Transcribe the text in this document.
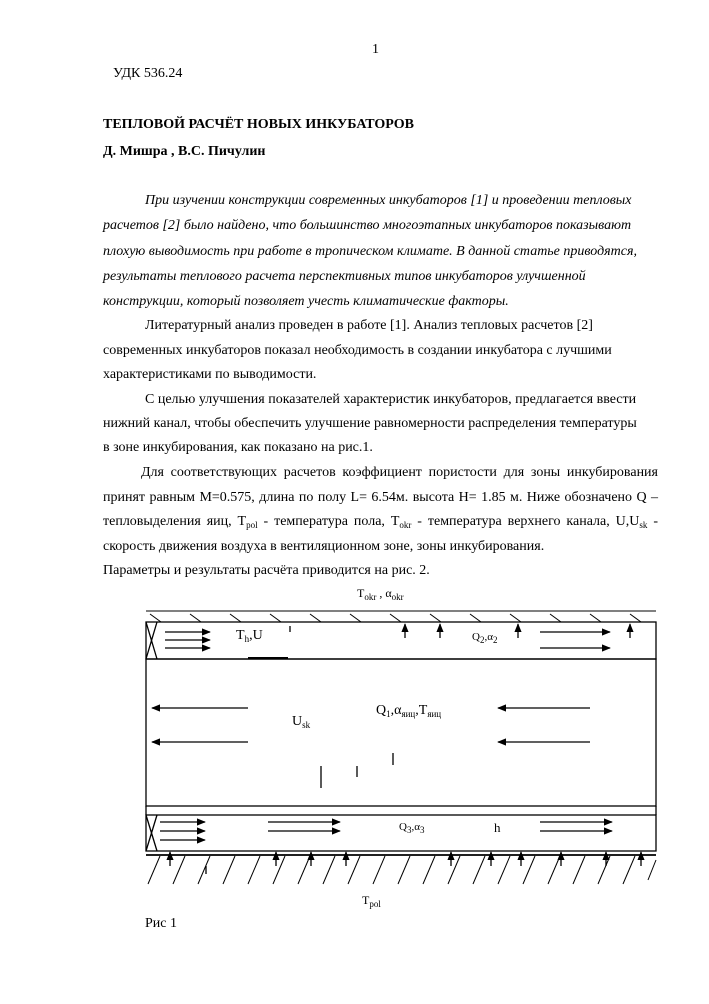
1
УДК 536.24
ТЕПЛОВОЙ РАСЧЁТ НОВЫХ ИНКУБАТОРОВ
Д. Мишра , В.С. Пичулин
При изучении конструкции современных инкубаторов [1] и проведении тепловых
расчетов [2] было найдено, что большинство многоэтапных инкубаторов показывают
плохую выводимость при работе в тропическом климате. В данной статье приводятся,
результаты теплового расчета перспективных типов инкубаторов улучшенной
конструкции, который позволяет учесть климатические факторы.
Литературный анализ проведен в работе [1]. Анализ тепловых расчетов [2]
современных инкубаторов показал необходимость в создании инкубатора с лучшими
характеристиками по выводимости.
С целью улучшения показателей характеристик инкубаторов, предлагается ввести
нижний канал, чтобы обеспечить улучшение равномерности распределения температуры
в зоне инкубирования, как показано на рис.1.
Для соответствующих расчетов коэффициент пористости для зоны инкубирования
принят равным M=0.575, длина по полу L= 6.54м. высота H= 1.85 м. Ниже обозначено Q –
тепловыделения яиц, $T_{pol}$ - температура пола, $T_{okr}$ - температура верхнего канала, $U,U_{sk}$ -
скорость движения воздуха в вентиляционном зоне, зоны инкубирования.
Параметры и результаты расчёта приводится на рис. 2.
$T_{okr}$ , $\alpha_{okr}$
$T_h,U$	$Q_2,\alpha_2$
$Q_1,\alpha_{яиц},T_{яиц}$
$U_{sk}$
$Q_3,\alpha_3$	h
$T_{pol}$
Рис 1
